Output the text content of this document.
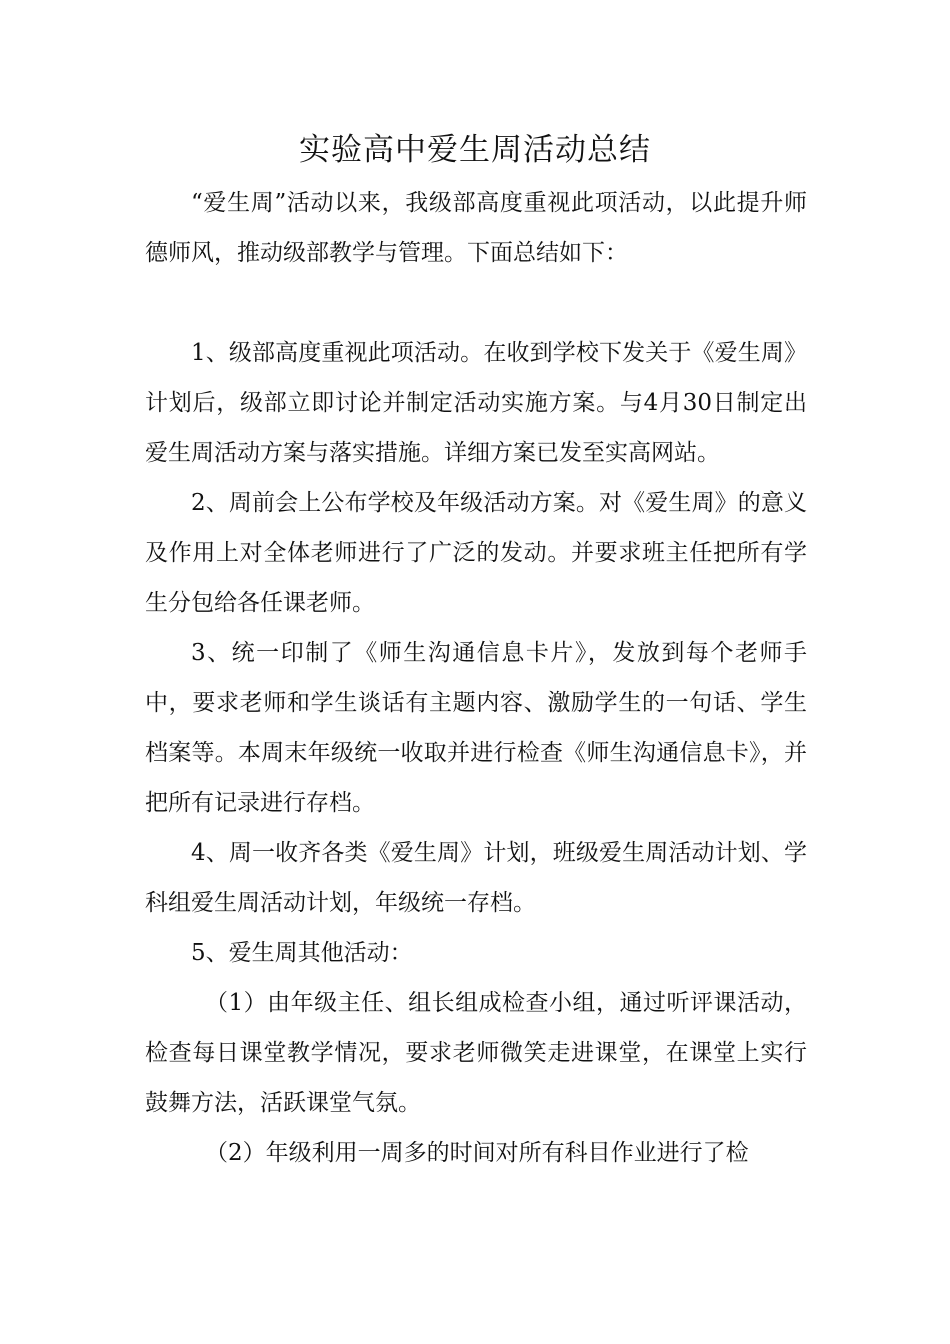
实验高中爱生周活动总结

“爱生周”活动以来，我级部高度重视此项活动，以此提升师德师风，推动级部教学与管理。下面总结如下：

1、级部高度重视此项活动。在收到学校下发关于《爱生周》计划后，级部立即讨论并制定活动实施方案。与4月30日制定出爱生周活动方案与落实措施。详细方案已发至实高网站。

2、周前会上公布学校及年级活动方案。对《爱生周》的意义及作用上对全体老师进行了广泛的发动。并要求班主任把所有学生分包给各任课老师。

3、统一印制了《师生沟通信息卡片》，发放到每个老师手中，要求老师和学生谈话有主题内容、激励学生的一句话、学生档案等。本周末年级统一收取并进行检查《师生沟通信息卡》，并把所有记录进行存档。

4、周一收齐各类《爱生周》计划，班级爱生周活动计划、学科组爱生周活动计划，年级统一存档。

5、爱生周其他活动：

（1）由年级主任、组长组成检查小组，通过听评课活动，检查每日课堂教学情况，要求老师微笑走进课堂，在课堂上实行鼓舞方法，活跃课堂气氛。

（2）年级利用一周多的时间对所有科目作业进行了检
